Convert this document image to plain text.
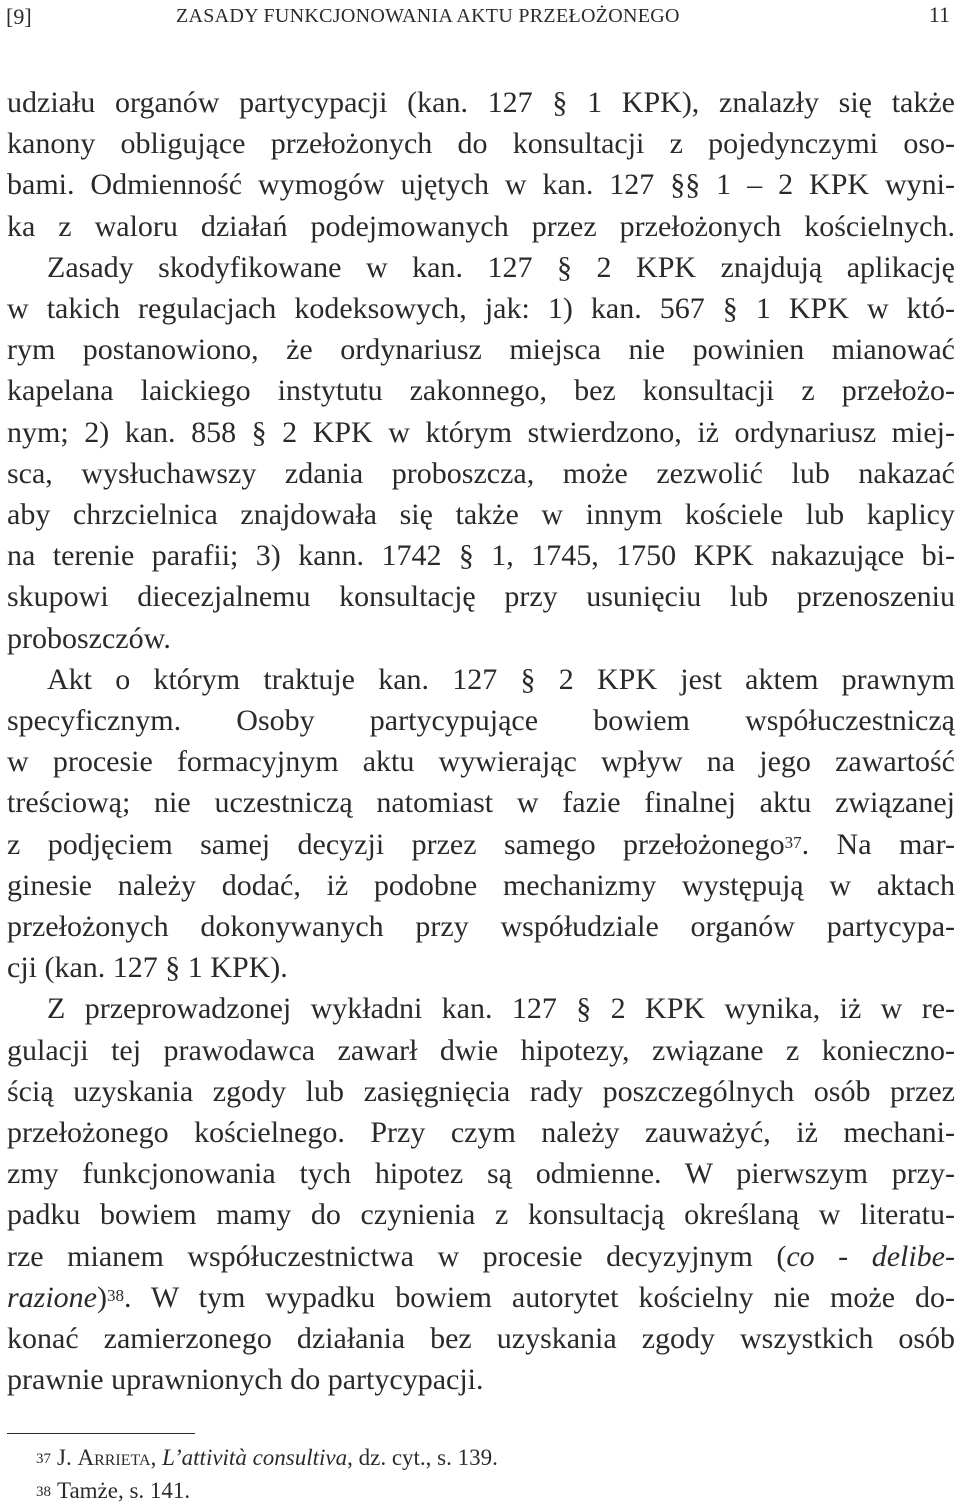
[9]	ZASADY FUNKCJONOWANIA AKTU PRZEŁOŻONEGO	11
udziału organów partycypacji (kan. 127 § 1 KPK), znalazły się także
kanony obligujące przełożonych do konsultacji z pojedynczymi oso-
bami. Odmienność wymogów ujętych w kan. 127 §§ 1 – 2 KPK wyni-
ka z waloru działań podejmowanych przez przełożonych kościelnych.
Zasady skodyfikowane w kan. 127 § 2 KPK znajdują aplikację
w takich regulacjach kodeksowych, jak: 1) kan. 567 § 1 KPK w któ-
rym postanowiono, że ordynariusz miejsca nie powinien mianować
kapelana laickiego instytutu zakonnego, bez konsultacji z przełożo-
nym; 2) kan. 858 § 2 KPK w którym stwierdzono, iż ordynariusz miej-
sca, wysłuchawszy zdania proboszcza, może zezwolić lub nakazać
aby chrzcielnica znajdowała się także w innym kościele lub kaplicy
na terenie parafii; 3) kann. 1742 § 1, 1745, 1750 KPK nakazujące bi-
skupowi diecezjalnemu konsultację przy usunięciu lub przenoszeniu
proboszczów.
Akt o którym traktuje kan. 127 § 2 KPK jest aktem prawnym
specyficznym. Osoby partycypujące bowiem współuczestniczą
w procesie formacyjnym aktu wywierając wpływ na jego zawartość
treściową; nie uczestniczą natomiast w fazie finalnej aktu związanej
z podjęciem samej decyzji przez samego przełożonego$^{37}$. Na mar-
ginesie należy dodać, iż podobne mechanizmy występują w aktach
przełożonych dokonywanych przy współudziale organów partycypa-
cji (kan. 127 § 1 KPK).
Z przeprowadzonej wykładni kan. 127 § 2 KPK wynika, iż w re-
gulacji tej prawodawca zawarł dwie hipotezy, związane z konieczno-
ścią uzyskania zgody lub zasięgnięcia rady poszczególnych osób przez
przełożonego kościelnego. Przy czym należy zauważyć, iż mechani-
zmy funkcjonowania tych hipotez są odmienne. W pierwszym przy-
padku bowiem mamy do czynienia z konsultacją określaną w literatu-
rze mianem współuczestnictwa w procesie decyzyjnym (co - delibe-
razione)$^{38}$. W tym wypadku bowiem autorytet kościelny nie może do-
konać zamierzonego działania bez uzyskania zgody wszystkich osób
prawnie uprawnionych do partycypacji.
$^{37}$ J. Arrieta, L’attività consultiva, dz. cyt., s. 139.
$^{38}$ Tamże, s. 141.
